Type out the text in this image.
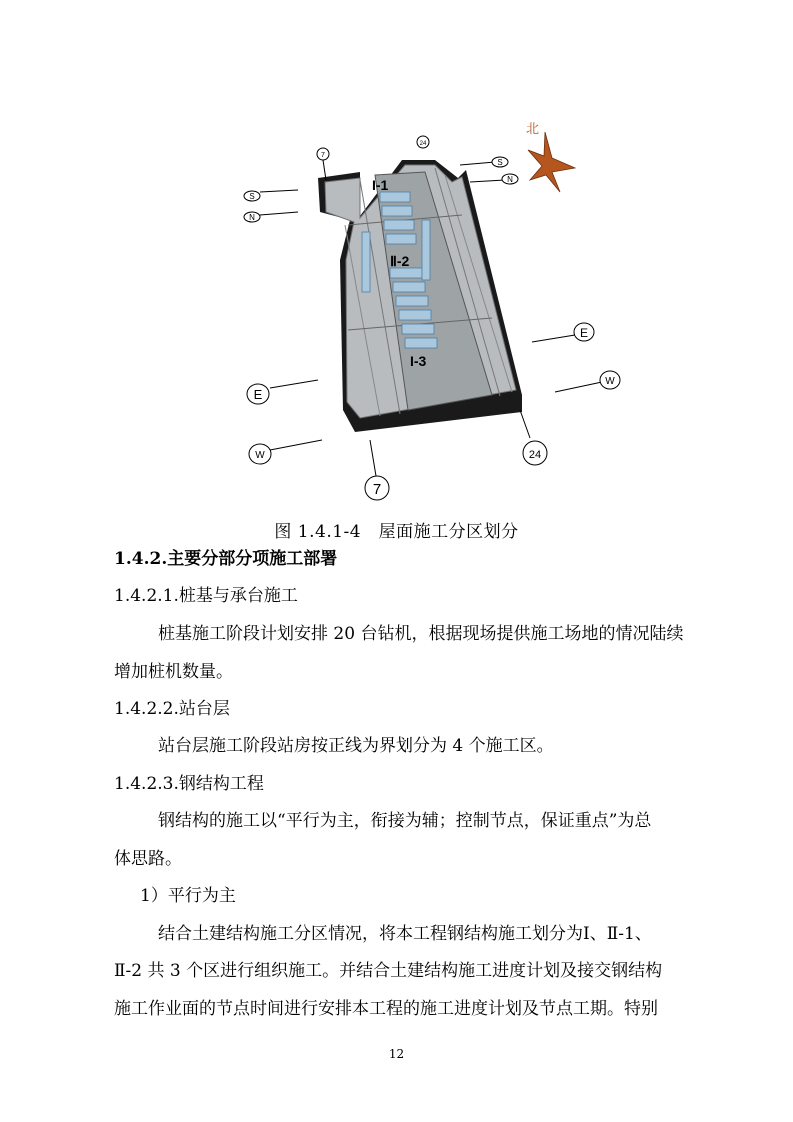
I-1
Ⅱ-2
I-3
S
N
S
N
E
W
E
W
7
24
7
24
北
图 1.4.1-4　屋面施工分区划分
1.4.2.主要分部分项施工部署
1.4.2.1.桩基与承台施工
桩基施工阶段计划安排 20 台钻机，根据现场提供施工场地的情况陆续
增加桩机数量。
1.4.2.2.站台层
站台层施工阶段站房按正线为界划分为 4 个施工区。
1.4.2.3.钢结构工程
钢结构的施工以“平行为主，衔接为辅；控制节点，保证重点”为总
体思路。
1）平行为主
结合土建结构施工分区情况，将本工程钢结构施工划分为Ⅰ、Ⅱ-1、
Ⅱ-2 共 3 个区进行组织施工。并结合土建结构施工进度计划及接交钢结构
施工作业面的节点时间进行安排本工程的施工进度计划及节点工期。特别
12
